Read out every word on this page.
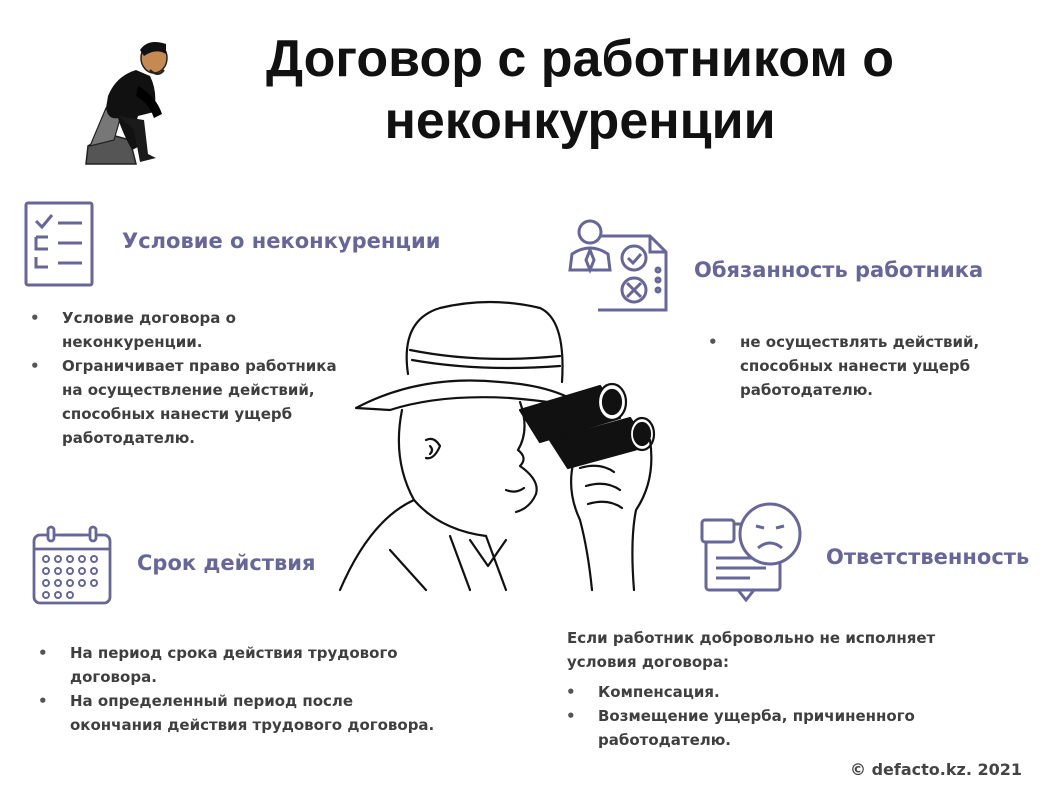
Договор с работником о
неконкуренции
Условие о неконкуренции
• Условие договора о неконкуренции.
• Ограничивает право работника на осуществление действий, способных нанести ущерб работодателю.
Обязанность работника
• не осуществлять действий, способных нанести ущерб работодателю.
Срок действия
• На период срока действия трудового договора.
• На определенный период после окончания действия трудового договора.
Ответственность
Если работник добровольно не исполняет условия договора:
• Компенсация.
• Возмещение ущерба, причиненного работодателю.
© defacto.kz. 2021
